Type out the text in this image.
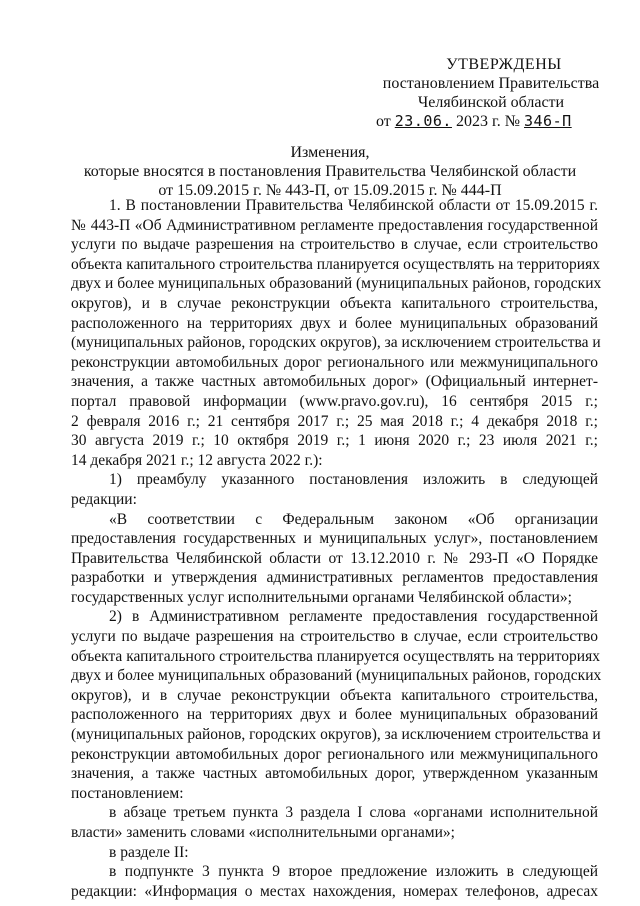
УТВЕРЖДЕНЫ
постановлением Правительства
Челябинской области
от 23.06. 2023 г. № 346-П
Изменения,
которые вносятся в постановления Правительства Челябинской области
от 15.09.2015 г. № 443-П, от 15.09.2015 г. № 444-П
1. В постановлении Правительства Челябинской области от 15.09.2015 г.
№ 443-П «Об Административном регламенте предоставления государственной
услуги по выдаче разрешения на строительство в случае, если строительство
объекта капитального строительства планируется осуществлять на территориях
двух и более муниципальных образований (муниципальных районов, городских
округов), и в случае реконструкции объекта капитального строительства,
расположенного на территориях двух и более муниципальных образований
(муниципальных районов, городских округов), за исключением строительства и
реконструкции автомобильных дорог регионального или межмуниципального
значения, а также частных автомобильных дорог» (Официальный интернет-
портал правовой информации (www.pravo.gov.ru), 16 сентября 2015 г.;
2 февраля 2016 г.; 21 сентября 2017 г.; 25 мая 2018 г.; 4 декабря 2018 г.;
30 августа 2019 г.; 10 октября 2019 г.; 1 июня 2020 г.; 23 июля 2021 г.;
14 декабря 2021 г.; 12 августа 2022 г.):
1) преамбулу указанного постановления изложить в следующей
редакции:
«В соответствии с Федеральным законом «Об организации
предоставления государственных и муниципальных услуг», постановлением
Правительства Челябинской области от 13.12.2010 г. № 293-П «О Порядке
разработки и утверждения административных регламентов предоставления
государственных услуг исполнительными органами Челябинской области»;
2) в Административном регламенте предоставления государственной
услуги по выдаче разрешения на строительство в случае, если строительство
объекта капитального строительства планируется осуществлять на территориях
двух и более муниципальных образований (муниципальных районов, городских
округов), и в случае реконструкции объекта капитального строительства,
расположенного на территориях двух и более муниципальных образований
(муниципальных районов, городских округов), за исключением строительства и
реконструкции автомобильных дорог регионального или межмуниципального
значения, а также частных автомобильных дорог, утвержденном указанным
постановлением:
в абзаце третьем пункта 3 раздела I слова «органами исполнительной
власти» заменить словами «исполнительными органами»;
в разделе II:
в подпункте 3 пункта 9 второе предложение изложить в следующей
редакции: «Информация о местах нахождения, номерах телефонов, адресах
